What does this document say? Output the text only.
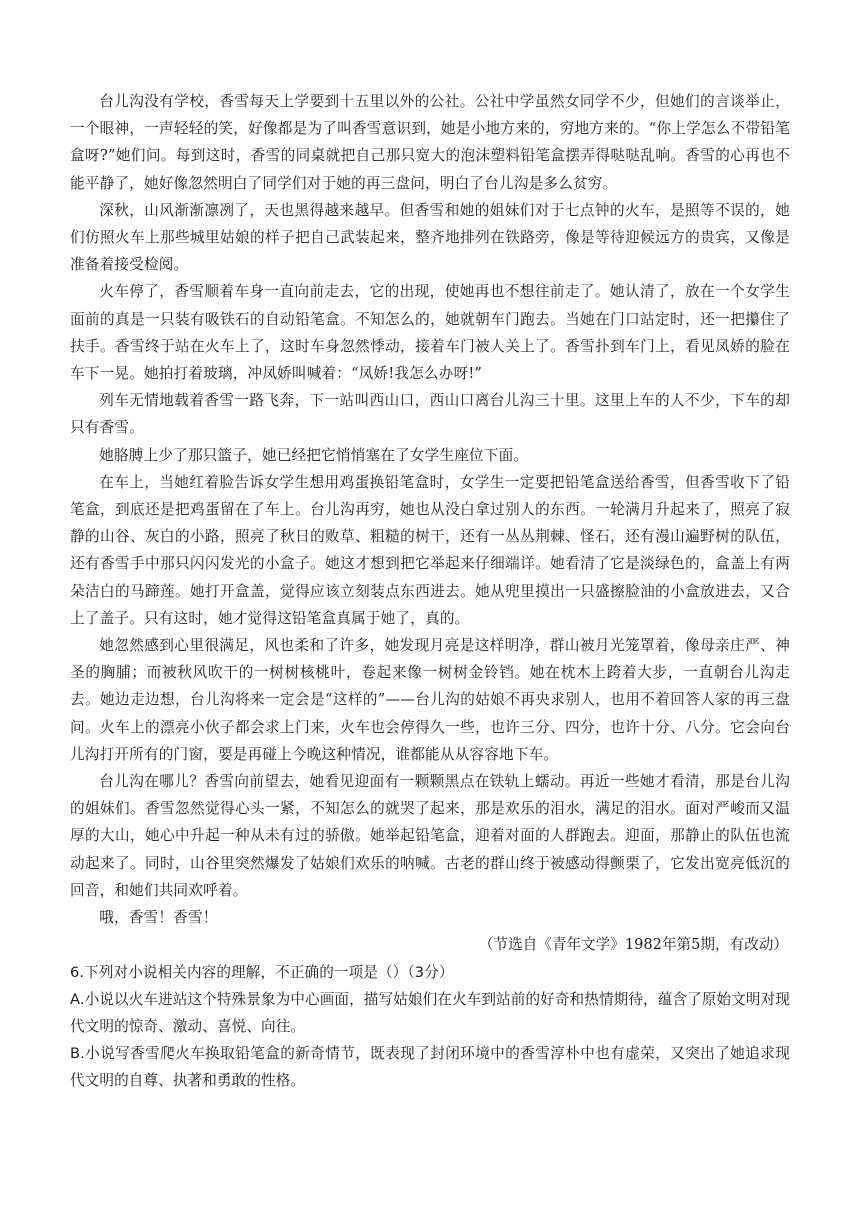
台儿沟没有学校，香雪每天上学要到十五里以外的公社。公社中学虽然女同学不少，但她们的言谈举止，一个眼神，一声轻轻的笑，好像都是为了叫香雪意识到，她是小地方来的，穷地方来的。“你上学怎么不带铅笔盒呀?”她们问。每到这时，香雪的同桌就把自己那只宽大的泡沫塑料铅笔盒摆弄得哒哒乱响。香雪的心再也不能平静了，她好像忽然明白了同学们对于她的再三盘问，明白了台儿沟是多么贫穷。

深秋，山风渐渐凛冽了，天也黑得越来越早。但香雪和她的姐妹们对于七点钟的火车，是照等不误的，她们仿照火车上那些城里姑娘的样子把自己武装起来，整齐地排列在铁路旁，像是等待迎候远方的贵宾，又像是准备着接受检阅。

火车停了，香雪顺着车身一直向前走去，它的出现，使她再也不想往前走了。她认清了，放在一个女学生面前的真是一只装有吸铁石的自动铅笔盒。不知怎么的，她就朝车门跑去。当她在门口站定时，还一把攥住了扶手。香雪终于站在火车上了，这时车身忽然悸动，接着车门被人关上了。香雪扑到车门上，看见凤娇的脸在车下一晃。她拍打着玻璃，冲凤娇叫喊着：“凤娇!我怎么办呀!”

列车无情地载着香雪一路飞奔，下一站叫西山口，西山口离台儿沟三十里。这里上车的人不少，下车的却只有香雪。

她胳膊上少了那只篮子，她已经把它悄悄塞在了女学生座位下面。

在车上，当她红着脸告诉女学生想用鸡蛋换铅笔盒时，女学生一定要把铅笔盒送给香雪，但香雪收下了铅笔盒，到底还是把鸡蛋留在了车上。台儿沟再穷，她也从没白拿过别人的东西。一轮满月升起来了，照亮了寂静的山谷、灰白的小路，照亮了秋日的败草、粗糙的树干，还有一丛丛荆棘、怪石，还有漫山遍野树的队伍，还有香雪手中那只闪闪发光的小盒子。她这才想到把它举起来仔细端详。她看清了它是淡绿色的，盒盖上有两朵洁白的马蹄莲。她打开盒盖，觉得应该立刻装点东西进去。她从兜里摸出一只盛擦脸油的小盒放进去，又合上了盖子。只有这时，她才觉得这铅笔盒真属于她了，真的。

她忽然感到心里很满足，风也柔和了许多，她发现月亮是这样明净，群山被月光笼罩着，像母亲庄严、神圣的胸脯；而被秋风吹干的一树树核桃叶，卷起来像一树树金铃铛。她在枕木上跨着大步，一直朝台儿沟走去。她边走边想，台儿沟将来一定会是“这样的”——台儿沟的姑娘不再央求别人，也用不着回答人家的再三盘问。火车上的漂亮小伙子都会求上门来，火车也会停得久一些，也许三分、四分，也许十分、八分。它会向台儿沟打开所有的门窗，要是再碰上今晚这种情况，谁都能从从容容地下车。

台儿沟在哪儿？香雪向前望去，她看见迎面有一颗颗黑点在铁轨上蠕动。再近一些她才看清，那是台儿沟的姐妹们。香雪忽然觉得心头一紧，不知怎么的就哭了起来，那是欢乐的泪水，满足的泪水。面对严峻而又温厚的大山，她心中升起一种从未有过的骄傲。她举起铅笔盒，迎着对面的人群跑去。迎面，那静止的队伍也流动起来了。同时，山谷里突然爆发了姑娘们欢乐的呐喊。古老的群山终于被感动得颤栗了，它发出宽亮低沉的回音，和她们共同欢呼着。

哦，香雪！香雪！

（节选自《青年文学》1982年第5期，有改动）

6.下列对小说相关内容的理解，不正确的一项是（）（3分）

A.小说以火车进站这个特殊景象为中心画面，描写姑娘们在火车到站前的好奇和热情期待，蕴含了原始文明对现代文明的惊奇、激动、喜悦、向往。

B.小说写香雪爬火车换取铅笔盒的新奇情节，既表现了封闭环境中的香雪淳朴中也有虚荣，又突出了她追求现代文明的自尊、执著和勇敢的性格。
